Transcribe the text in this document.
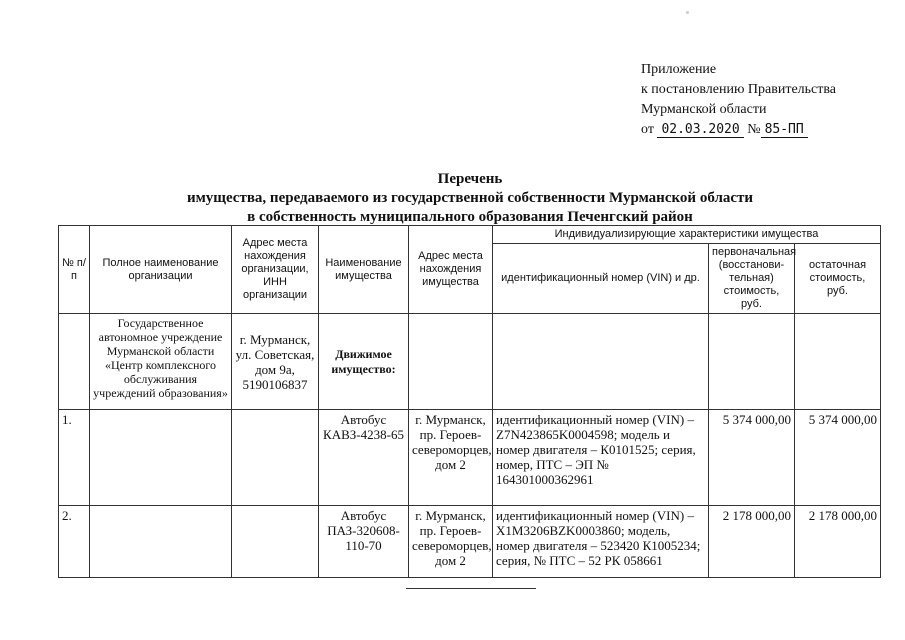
Приложение
к постановлению Правительства
Мурманской области
от 02.03.2020 № 85-ПП
Перечень
имущества, передаваемого из государственной собственности Мурманской области
в собственность муниципального образования Печенгский район
№ п/п	Полное наименование организации	Адрес места нахождения организации, ИНН организации	Наименование имущества	Адрес места нахождения имущества	Индивидуализирующие характеристики имущества		
					идентификационный номер (VIN) и др.	первоначальная (восстанови-тельная) стоимость, руб.	остаточная стоимость, руб.
	Государственное автономное учреждение Мурманской области «Центр комплексного обслуживания учреждений образования»	г. Мурманск, ул. Советская, дом 9а, 5190106837	Движимое имущество:				
1.			Автобус КАВЗ-4238-65	г. Мурманск, пр. Героев-североморцев, дом 2	идентификационный номер (VIN) – Z7N423865K0004598; модель и номер двигателя – К0101525; серия, номер, ПТС – ЭП № 164301000362961	5 374 000,00	5 374 000,00
2.			Автобус ПАЗ-320608-110-70	г. Мурманск, пр. Героев-североморцев, дом 2	идентификационный номер (VIN) – X1M3206BZK0003860; модель, номер двигателя – 523420 К1005234; серия, № ПТС – 52 РК 058661	2 178 000,00	2 178 000,00
